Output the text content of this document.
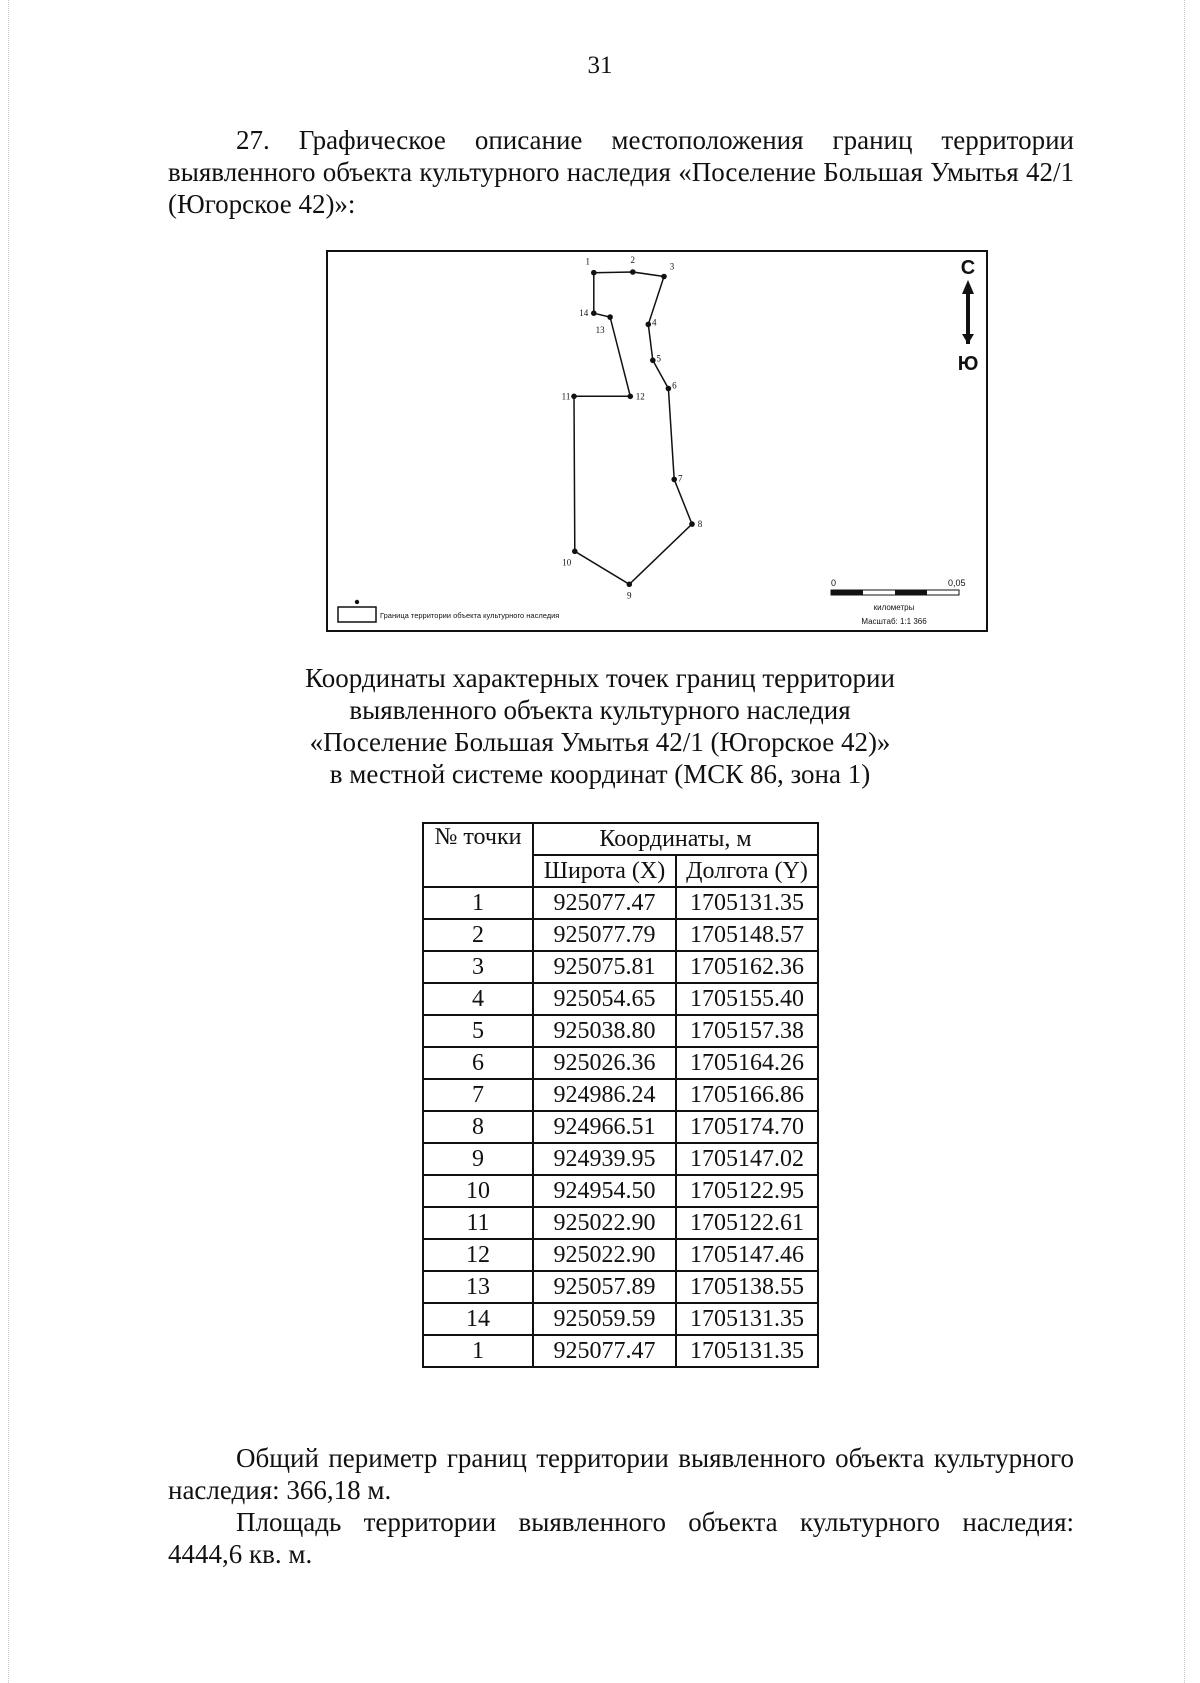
31

27. Графическое описание местоположения границ территории выявленного объекта культурного наследия «Поселение Большая Умытья 42/1 (Югорское 42)»:

1	2
3
4
5
6
7
8
9
10
11	12
13
14
С
Ю
0	0,05
километры
Масштаб: 1:1 366
Граница территории объекта культурного наследия
Координаты характерных точек границ территории
выявленного объекта культурного наследия
«Поселение Большая Умытья 42/1 (Югорское 42)»
в местной системе координат (МСК 86, зона 1)
№ точки	Координаты, м	
	Широта (X)	Долгота (Y)
1	925077.47	1705131.35
2	925077.79	1705148.57
3	925075.81	1705162.36
4	925054.65	1705155.40
5	925038.80	1705157.38
6	925026.36	1705164.26
7	924986.24	1705166.86
8	924966.51	1705174.70
9	924939.95	1705147.02
10	924954.50	1705122.95
11	925022.90	1705122.61
12	925022.90	1705147.46
13	925057.89	1705138.55
14	925059.59	1705131.35
1	925077.47	1705131.35

Общий периметр границ территории выявленного объекта культурного наследия: 366,18 м.

Площадь территории выявленного объекта культурного наследия: 4444,6 кв. м.
